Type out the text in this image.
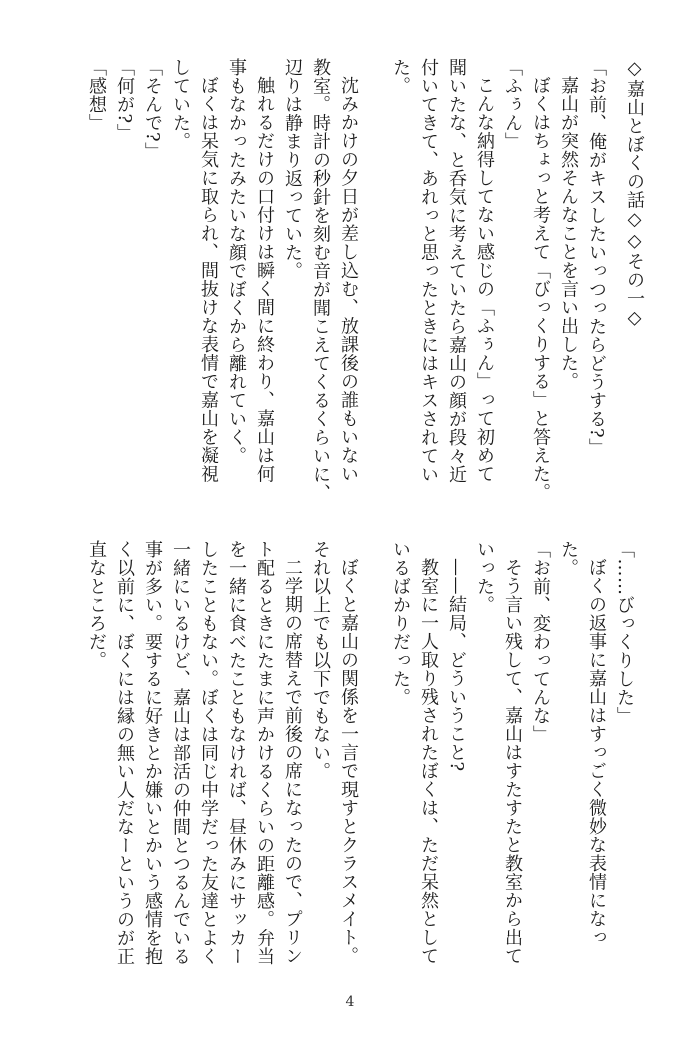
◇嘉山とぼくの話◇◇その一◇
「お前、俺がキスしたいっつったらどうする?」
嘉山が突然そんなことを言い出した。
ぼくはちょっと考えて「びっくりする」と答えた。
「ふぅん」
こんな納得してない感じの「ふぅん」って初めて
聞いたな、と呑気に考えていたら嘉山の顔が段々近
付いてきて、あれっと思ったときにはキスされてい
た。
沈みかけの夕日が差し込む、放課後の誰もいない
教室。時計の秒針を刻む音が聞こえてくるくらいに、
辺りは静まり返っていた。
触れるだけの口付けは瞬く間に終わり、嘉山は何
事もなかったみたいな顔でぼくから離れていく。
ぼくは呆気に取られ、間抜けな表情で嘉山を凝視
していた。
「そんで?」
「何が?」
「感想」
「……びっくりした」
ぼくの返事に嘉山はすっごく微妙な表情になっ
た。
「お前、変わってんな」
そう言い残して、嘉山はすたすたと教室から出て
いった。
——結局、どういうこと?
教室に一人取り残されたぼくは、ただ呆然として
いるばかりだった。
ぼくと嘉山の関係を一言で現すとクラスメイト。
それ以上でも以下でもない。
二学期の席替えで前後の席になったので、プリン
ト配るときにたまに声かけるくらいの距離感。弁当
を一緒に食べたこともなければ、昼休みにサッカー
したこともない。ぼくは同じ中学だった友達とよく
一緒にいるけど、嘉山は部活の仲間とつるんでいる
事が多い。要するに好きとか嫌いとかいう感情を抱
く以前に、ぼくには縁の無い人だなーというのが正
直なところだ。
4
